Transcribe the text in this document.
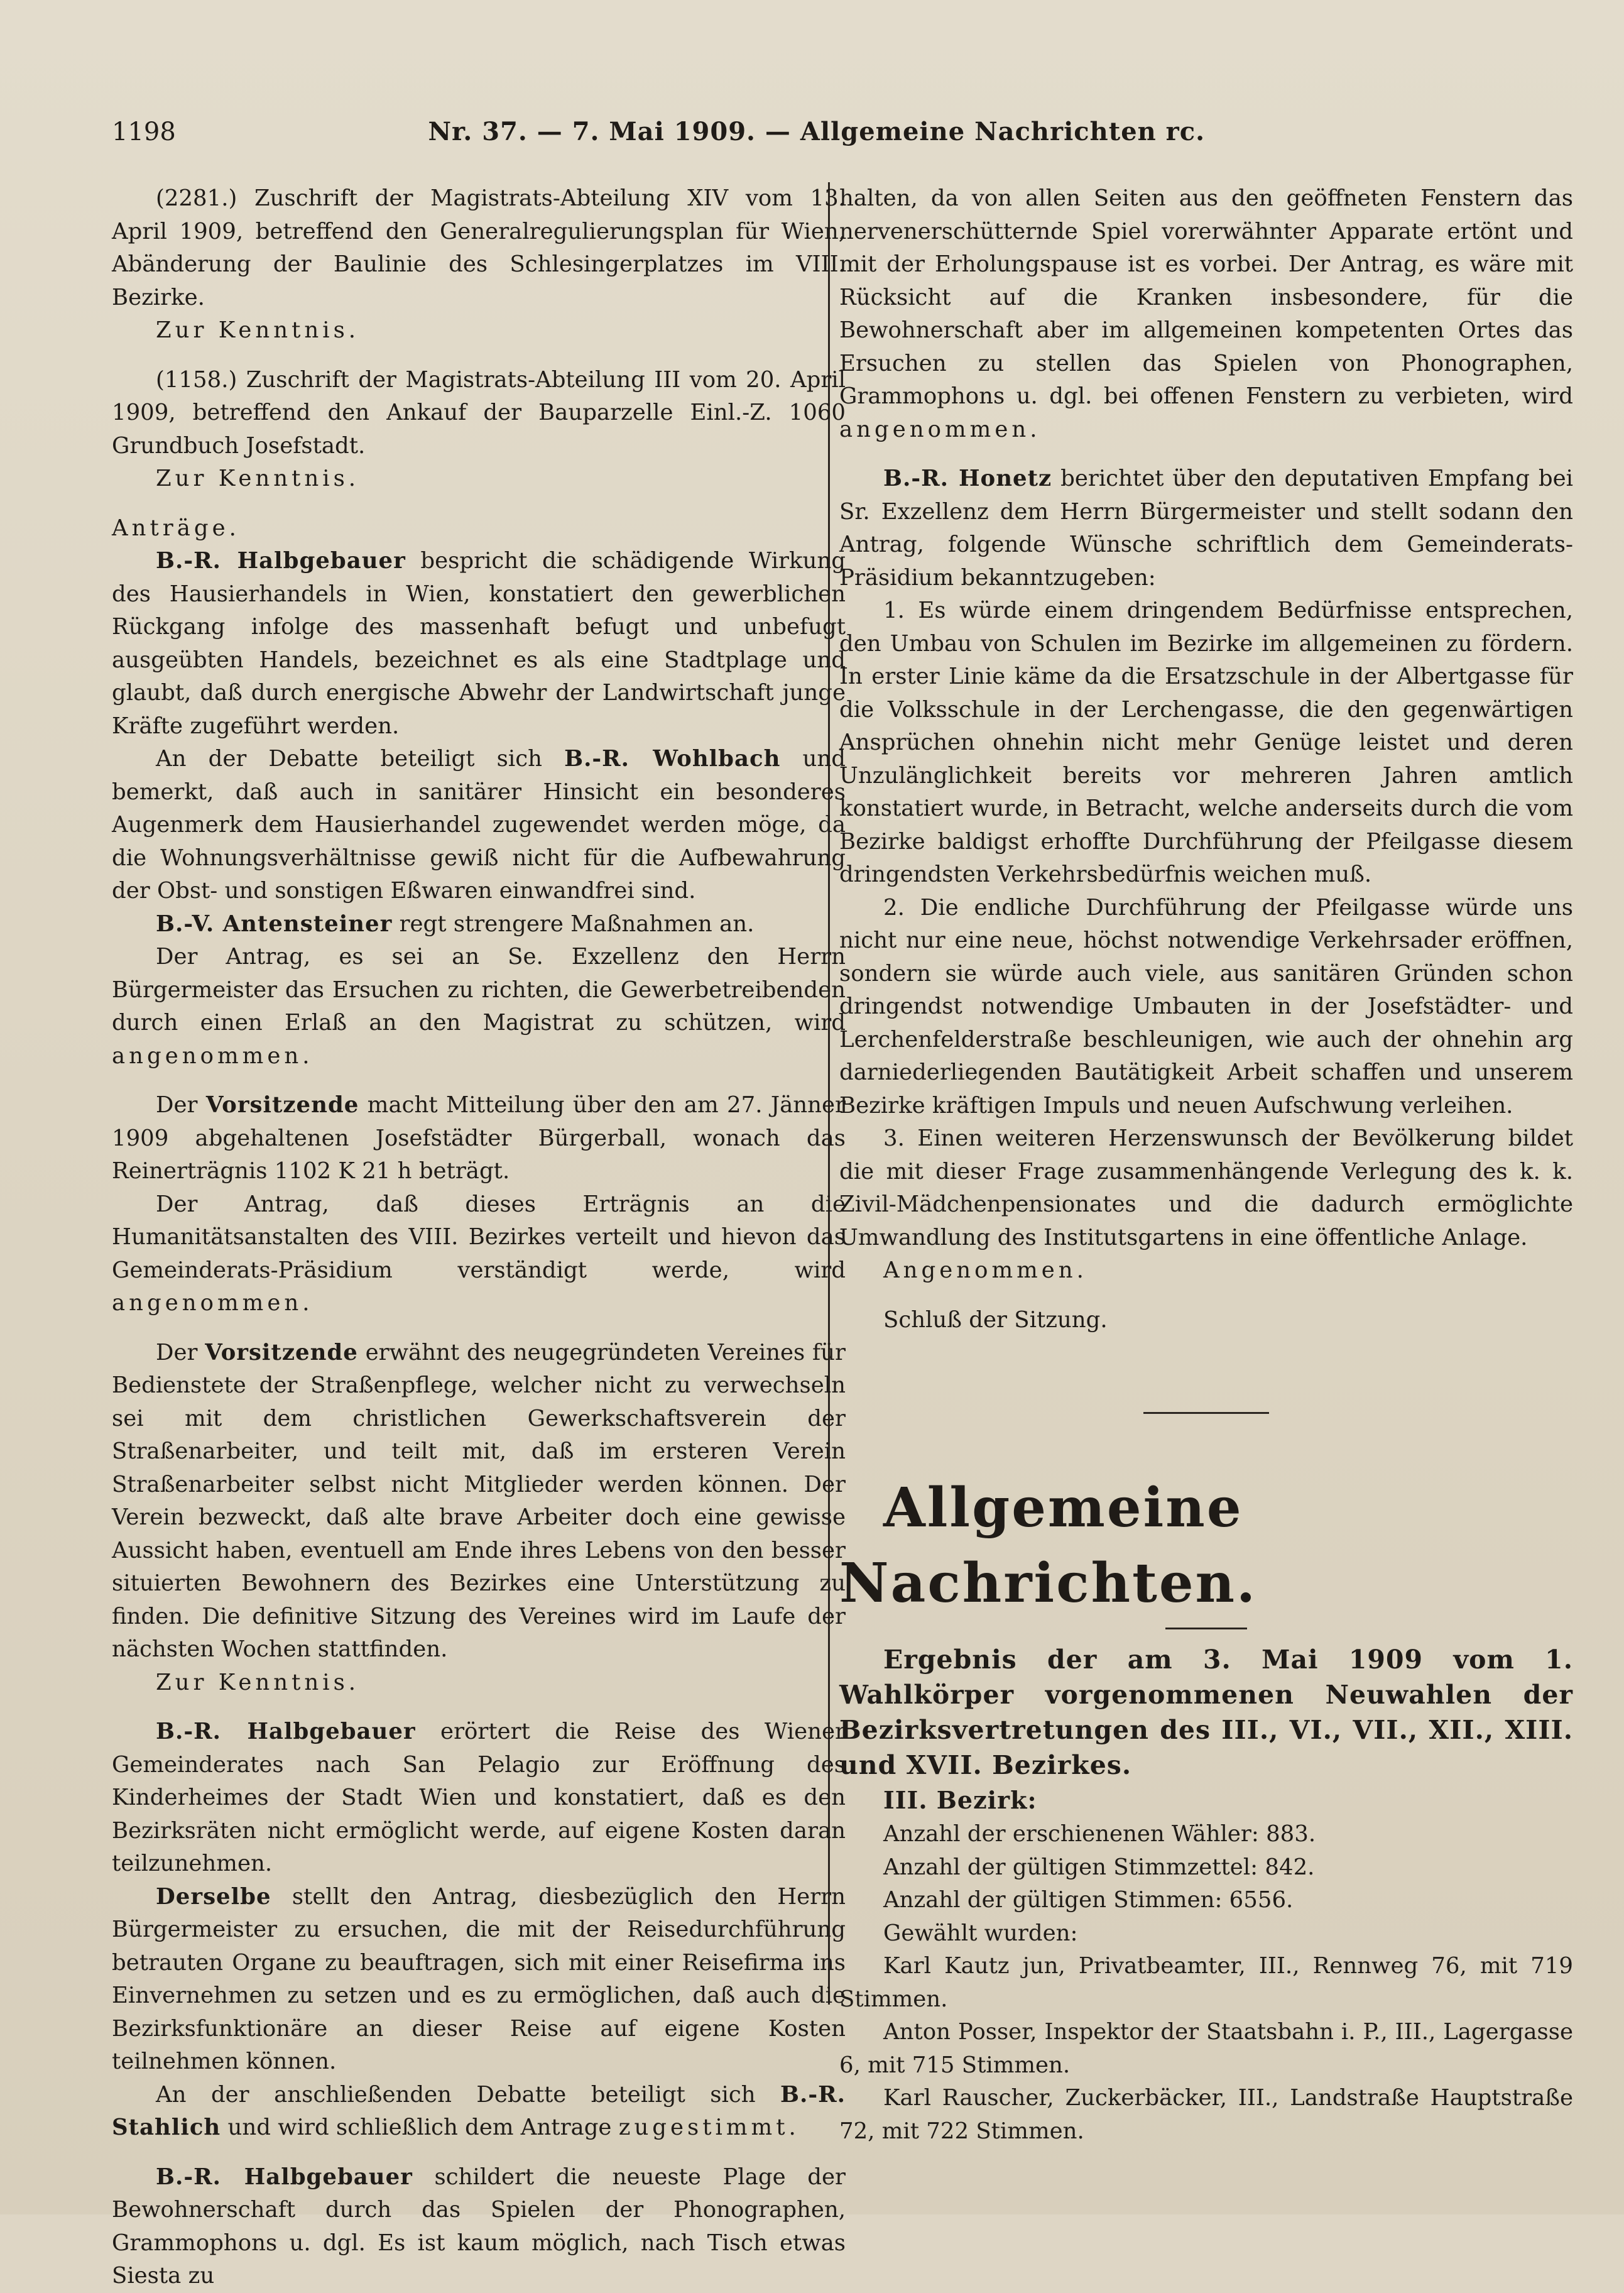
1198	Nr. 37. — 7. Mai 1909. — Allgemeine Nachrichten rc.

(2281.) Zuschrift der Magistrats-Abteilung XIV vom 13. April 1909, betreffend den Generalregulierungsplan für Wien, Abänderung der Baulinie des Schlesingerplatzes im VIII. Bezirke.

Zur Kenntnis.

(1158.) Zuschrift der Magistrats-Abteilung III vom 20. April 1909, betreffend den Ankauf der Bauparzelle Einl.-Z. 1060 Grundbuch Josefstadt.

Zur Kenntnis.

Anträge.

B.-R. Halbgebauer bespricht die schädigende Wirkung des Hausierhandels in Wien, konstatiert den gewerblichen Rückgang infolge des massenhaft befugt und unbefugt ausgeübten Handels, bezeichnet es als eine Stadtplage und glaubt, daß durch energische Abwehr der Landwirtschaft junge Kräfte zugeführt werden.

An der Debatte beteiligt sich B.-R. Wohlbach und bemerkt, daß auch in sanitärer Hinsicht ein besonderes Augenmerk dem Hausierhandel zugewendet werden möge, da die Wohnungsverhältnisse gewiß nicht für die Aufbewahrung der Obst- und sonstigen Eßwaren einwandfrei sind.

B.-V. Antensteiner regt strengere Maßnahmen an.

Der Antrag, es sei an Se. Exzellenz den Herrn Bürgermeister das Ersuchen zu richten, die Gewerbetreibenden durch einen Erlaß an den Magistrat zu schützen, wird angenommen.

Der Vorsitzende macht Mitteilung über den am 27. Jänner 1909 abgehaltenen Josefstädter Bürgerball, wonach das Reinerträgnis 1102 K 21 h beträgt.

Der Antrag, daß dieses Erträgnis an die Humanitätsanstalten des VIII. Bezirkes verteilt und hievon das Gemeinderats-Präsidium verständigt werde, wird angenommen.

Der Vorsitzende erwähnt des neugegründeten Vereines für Bedienstete der Straßenpflege, welcher nicht zu verwechseln sei mit dem christlichen Gewerkschaftsverein der Straßenarbeiter, und teilt mit, daß im ersteren Verein Straßenarbeiter selbst nicht Mitglieder werden können. Der Verein bezweckt, daß alte brave Arbeiter doch eine gewisse Aussicht haben, eventuell am Ende ihres Lebens von den besser situierten Bewohnern des Bezirkes eine Unterstützung zu finden. Die definitive Sitzung des Vereines wird im Laufe der nächsten Wochen stattfinden.

Zur Kenntnis.

B.-R. Halbgebauer erörtert die Reise des Wiener Gemeinderates nach San Pelagio zur Eröffnung des Kinderheimes der Stadt Wien und konstatiert, daß es den Bezirksräten nicht ermöglicht werde, auf eigene Kosten daran teilzunehmen.

Derselbe stellt den Antrag, diesbezüglich den Herrn Bürgermeister zu ersuchen, die mit der Reisedurchführung betrauten Organe zu beauftragen, sich mit einer Reisefirma ins Einvernehmen zu setzen und es zu ermöglichen, daß auch die Bezirksfunktionäre an dieser Reise auf eigene Kosten teilnehmen können.

An der anschließenden Debatte beteiligt sich B.-R. Stahlich und wird schließlich dem Antrage zugestimmt.

B.-R. Halbgebauer schildert die neueste Plage der Bewohnerschaft durch das Spielen der Phonographen, Grammophons u. dgl. Es ist kaum möglich, nach Tisch etwas Siesta zu

halten, da von allen Seiten aus den geöffneten Fenstern das nervenerschütternde Spiel vorerwähnter Apparate ertönt und mit der Erholungspause ist es vorbei. Der Antrag, es wäre mit Rücksicht auf die Kranken insbesondere, für die Bewohnerschaft aber im allgemeinen kompetenten Ortes das Ersuchen zu stellen das Spielen von Phonographen, Grammophons u. dgl. bei offenen Fenstern zu verbieten, wird angenommen.

B.-R. Honetz berichtet über den deputativen Empfang bei Sr. Exzellenz dem Herrn Bürgermeister und stellt sodann den Antrag, folgende Wünsche schriftlich dem Gemeinderats-Präsidium bekanntzugeben:

1. Es würde einem dringendem Bedürfnisse entsprechen, den Umbau von Schulen im Bezirke im allgemeinen zu fördern. In erster Linie käme da die Ersatzschule in der Albertgasse für die Volksschule in der Lerchengasse, die den gegenwärtigen Ansprüchen ohnehin nicht mehr Genüge leistet und deren Unzulänglichkeit bereits vor mehreren Jahren amtlich konstatiert wurde, in Betracht, welche anderseits durch die vom Bezirke baldigst erhoffte Durchführung der Pfeilgasse diesem dringendsten Verkehrsbedürfnis weichen muß.

2. Die endliche Durchführung der Pfeilgasse würde uns nicht nur eine neue, höchst notwendige Verkehrsader eröffnen, sondern sie würde auch viele, aus sanitären Gründen schon dringendst notwendige Umbauten in der Josefstädter- und Lerchenfelderstraße beschleunigen, wie auch der ohnehin arg darniederliegenden Bautätigkeit Arbeit schaffen und unserem Bezirke kräftigen Impuls und neuen Aufschwung verleihen.

3. Einen weiteren Herzenswunsch der Bevölkerung bildet die mit dieser Frage zusammenhängende Verlegung des k. k. Zivil-Mädchenpensionates und die dadurch ermöglichte Umwandlung des Institutsgartens in eine öffentliche Anlage.

Angenommen.

Schluß der Sitzung.

Allgemeine Nachrichten.

Ergebnis der am 3. Mai 1909 vom 1. Wahlkörper vorgenommenen Neuwahlen der Bezirksvertretungen des III., VI., VII., XII., XIII. und XVII. Bezirkes.

III. Bezirk:

Anzahl der erschienenen Wähler: 883.

Anzahl der gültigen Stimmzettel: 842.

Anzahl der gültigen Stimmen: 6556.

Gewählt wurden:

Karl Kautz jun, Privatbeamter, III., Rennweg 76, mit 719 Stimmen.

Anton Posser, Inspektor der Staatsbahn i. P., III., Lagergasse 6, mit 715 Stimmen.

Karl Rauscher, Zuckerbäcker, III., Landstraße Hauptstraße 72, mit 722 Stimmen.
